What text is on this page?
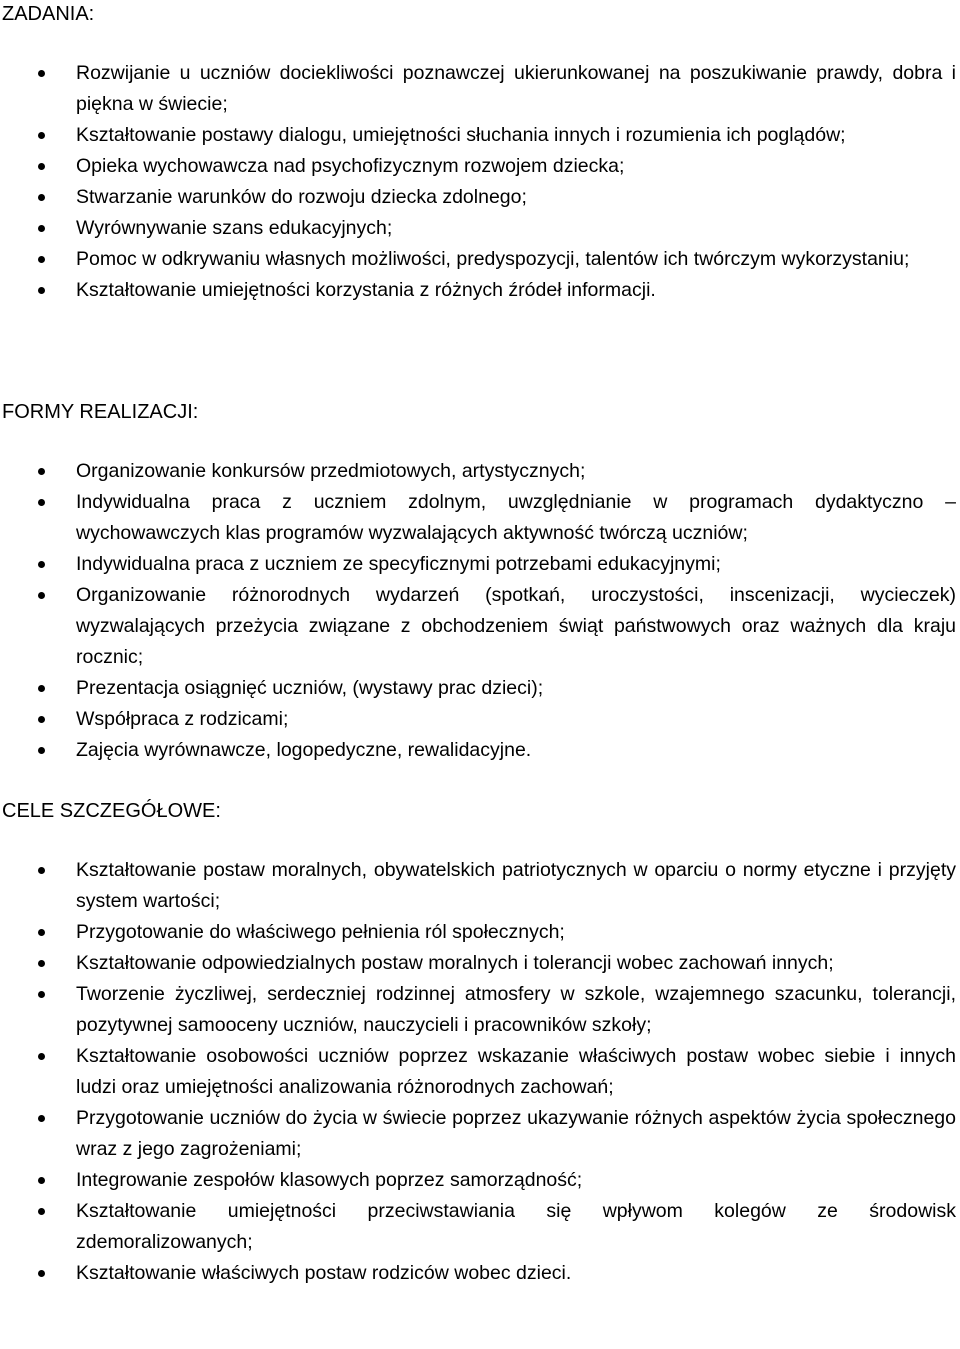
ZADANIA:
Rozwijanie u uczniów dociekliwości poznawczej ukierunkowanej na poszukiwanie prawdy, dobra i piękna w świecie;
Kształtowanie postawy dialogu, umiejętności słuchania innych i rozumienia ich poglądów;
Opieka wychowawcza nad psychofizycznym rozwojem dziecka;
Stwarzanie warunków do rozwoju dziecka zdolnego;
Wyrównywanie szans edukacyjnych;
Pomoc w odkrywaniu własnych możliwości, predyspozycji, talentów ich twórczym wykorzystaniu;
Kształtowanie umiejętności korzystania z różnych źródeł informacji.
FORMY REALIZACJI:
Organizowanie konkursów przedmiotowych, artystycznych;
Indywidualna praca z uczniem zdolnym, uwzględnianie w programach dydaktyczno – wychowawczych klas programów wyzwalających aktywność twórczą uczniów;
Indywidualna praca z uczniem ze specyficznymi potrzebami edukacyjnymi;
Organizowanie różnorodnych wydarzeń (spotkań, uroczystości, inscenizacji, wycieczek) wyzwalających przeżycia związane z obchodzeniem świąt państwowych oraz ważnych dla kraju rocznic;
Prezentacja osiągnięć uczniów, (wystawy prac dzieci);
Współpraca z rodzicami;
Zajęcia wyrównawcze, logopedyczne, rewalidacyjne.
CELE SZCZEGÓŁOWE:
Kształtowanie postaw moralnych, obywatelskich patriotycznych w oparciu o normy etyczne i przyjęty system wartości;
Przygotowanie do właściwego pełnienia ról społecznych;
Kształtowanie odpowiedzialnych postaw moralnych i tolerancji wobec zachowań innych;
Tworzenie życzliwej, serdeczniej rodzinnej atmosfery w szkole, wzajemnego szacunku, tolerancji, pozytywnej samooceny uczniów, nauczycieli i pracowników szkoły;
Kształtowanie osobowości uczniów poprzez wskazanie właściwych postaw wobec siebie i innych ludzi oraz umiejętności analizowania różnorodnych zachowań;
Przygotowanie uczniów do życia w świecie poprzez ukazywanie różnych aspektów życia społecznego wraz z jego zagrożeniami;
Integrowanie zespołów klasowych poprzez samorządność;
Kształtowanie umiejętności przeciwstawiania się wpływom kolegów ze środowisk zdemoralizowanych;
Kształtowanie właściwych postaw rodziców wobec dzieci.
